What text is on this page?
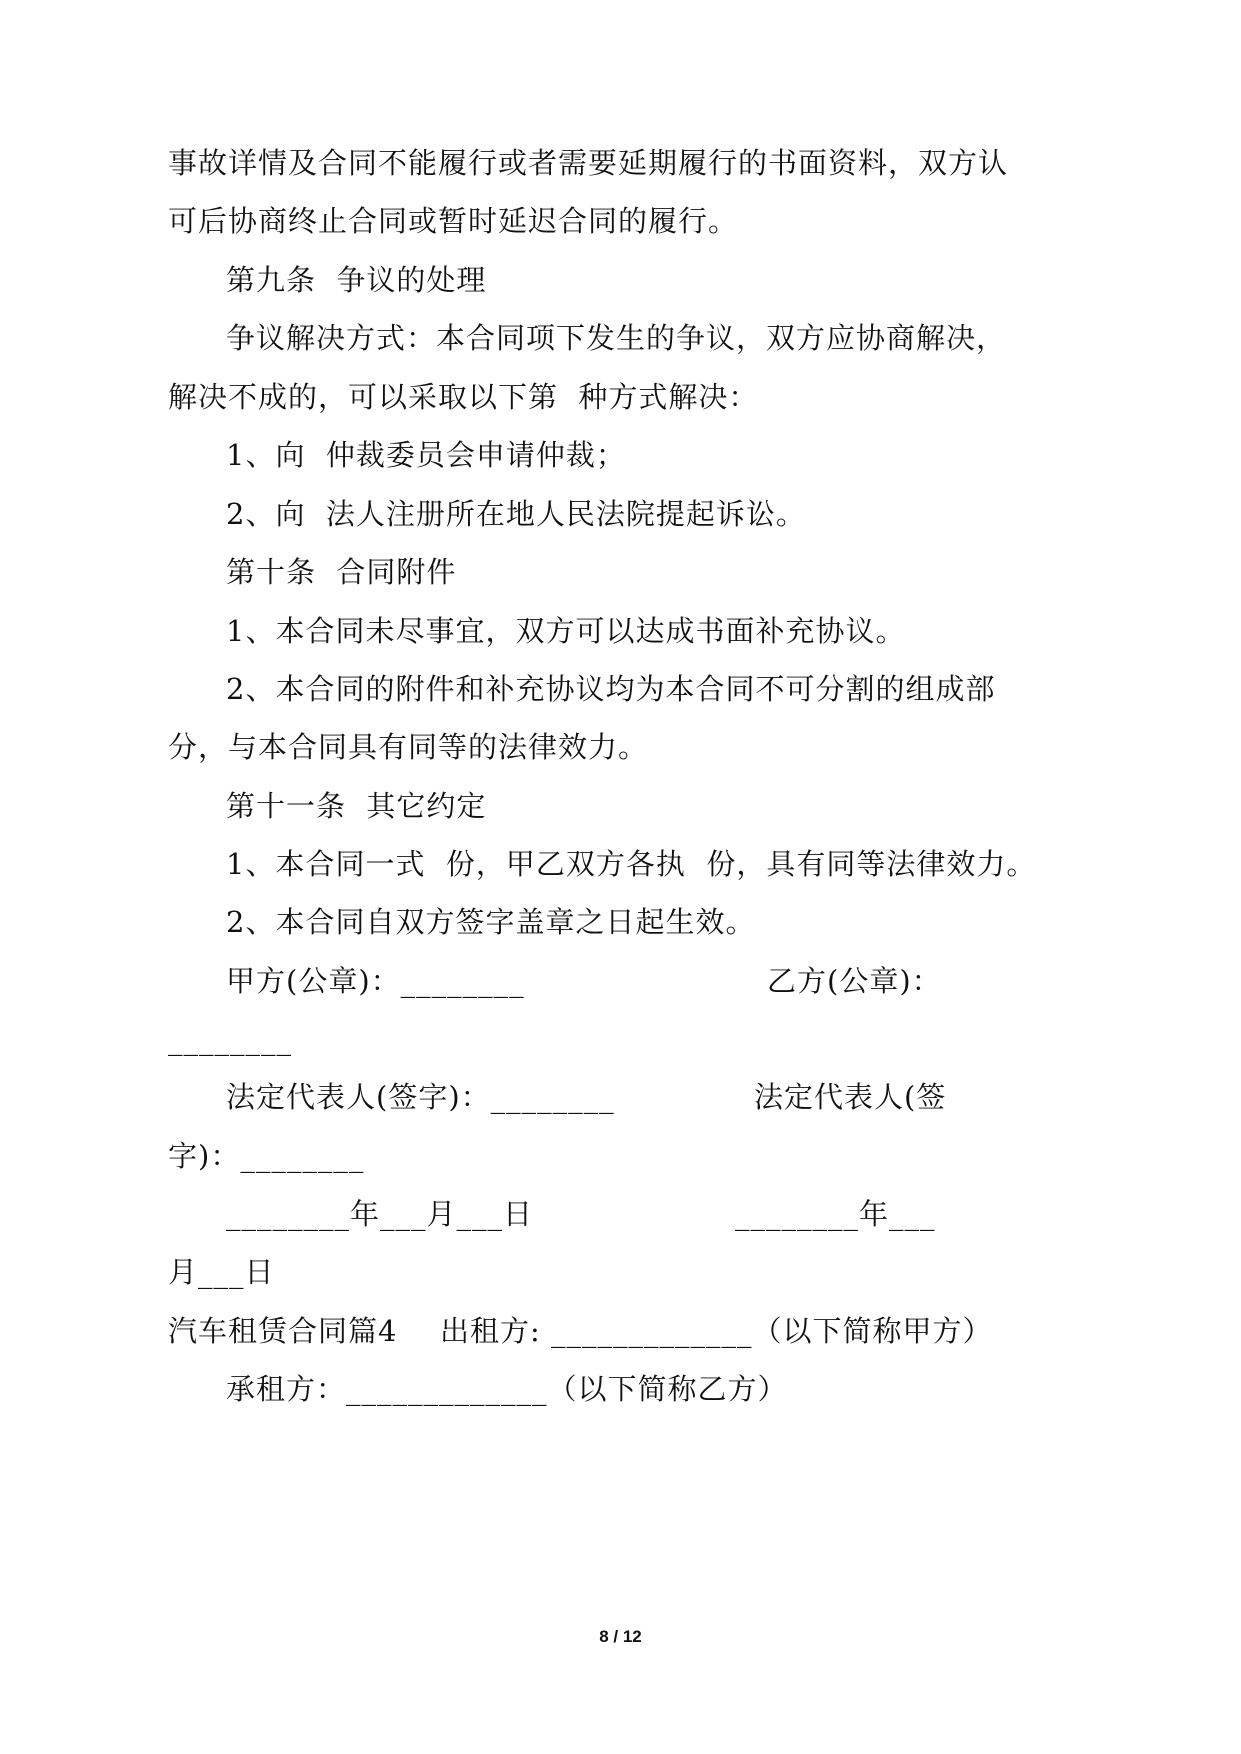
事故详情及合同不能履行或者需要延期履行的书面资料，双方认
可后协商终止合同或暂时延迟合同的履行。
第九条  争议的处理
争议解决方式：本合同项下发生的争议，双方应协商解决，
解决不成的，可以采取以下第  种方式解决：
1、向  仲裁委员会申请仲裁；
2、向  法人注册所在地人民法院提起诉讼。
第十条  合同附件
1、本合同未尽事宜，双方可以达成书面补充协议。
2、本合同的附件和补充协议均为本合同不可分割的组成部
分，与本合同具有同等的法律效力。
第十一条  其它约定
1、本合同一式  份，甲乙双方各执  份，具有同等法律效力。
2、本合同自双方签字盖章之日起生效。
甲方(公章)：________	乙方(公章)：
________
法定代表人(签字)：________	法定代表人(签
字)：________
________年___月___日	________年___
月___日
汽车租赁合同篇4 出租方: _____________（以下简称甲方）
承租方：_____________（以下简称乙方）
8 / 12
